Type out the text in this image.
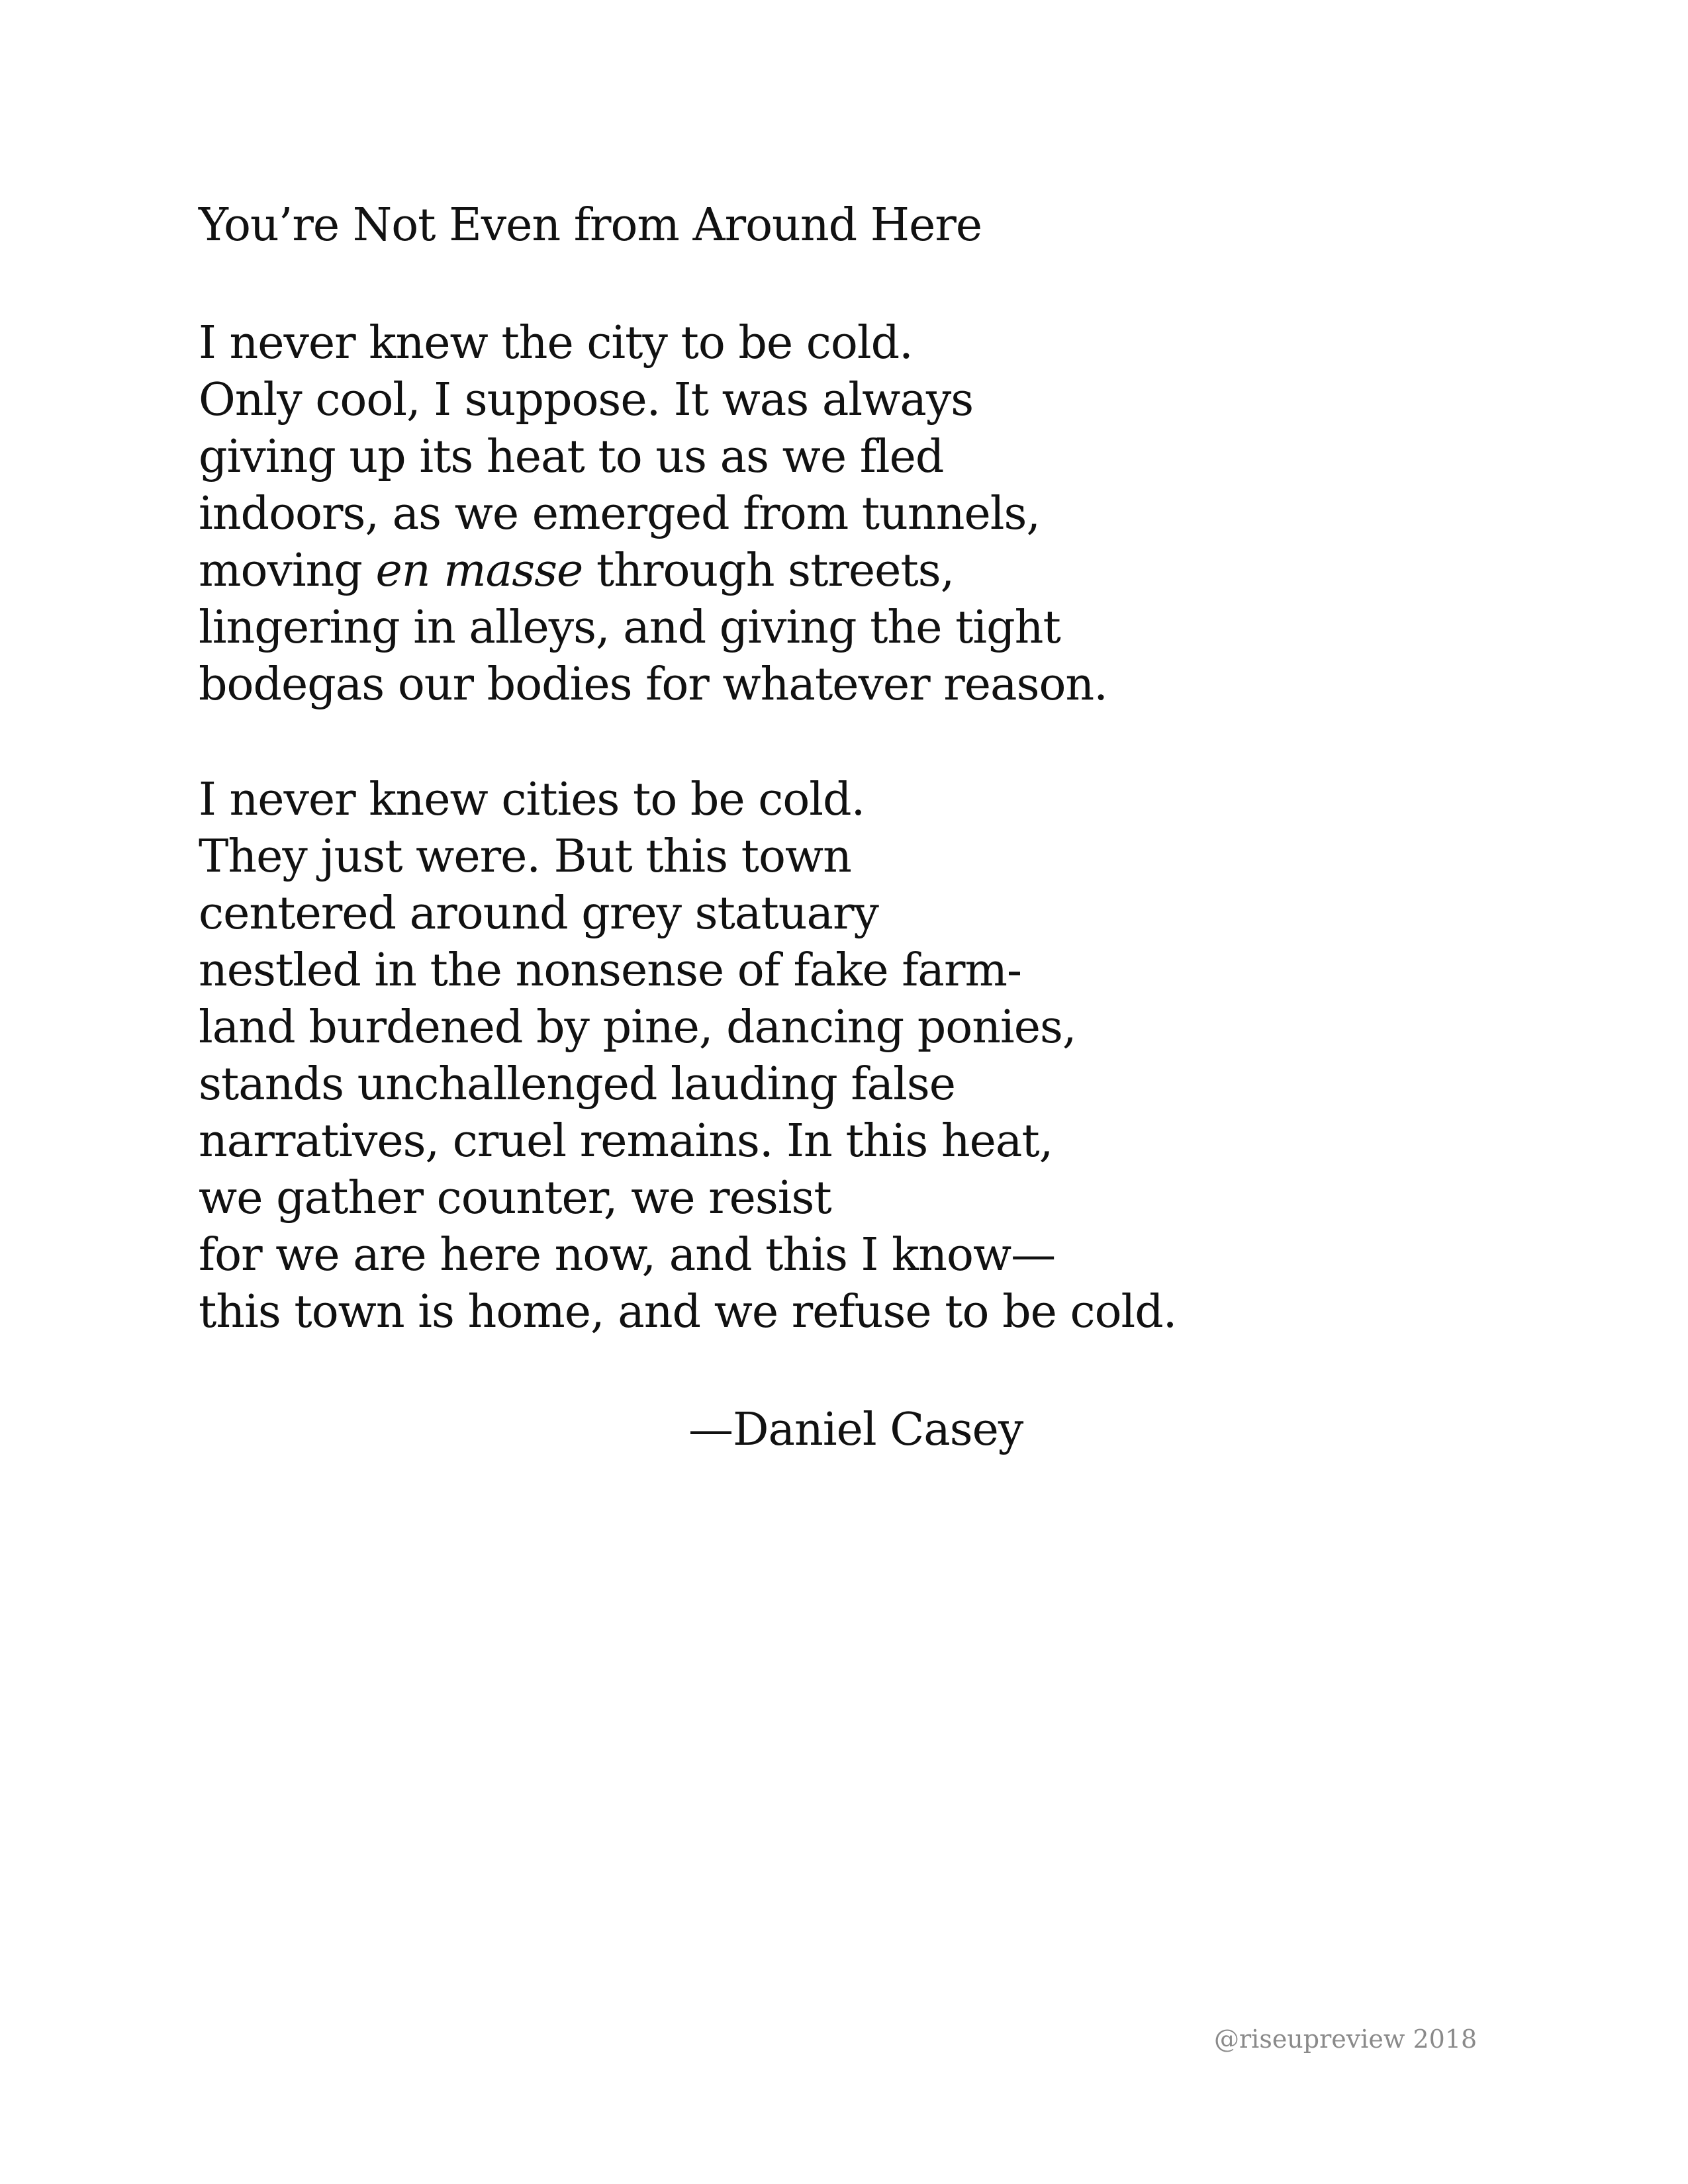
You’re Not Even from Around Here
I never knew the city to be cold.
Only cool, I suppose. It was always
giving up its heat to us as we fled
indoors, as we emerged from tunnels,
moving en masse through streets,
lingering in alleys, and giving the tight
bodegas our bodies for whatever reason.
I never knew cities to be cold.
They just were. But this town
centered around grey statuary
nestled in the nonsense of fake farm-
land burdened by pine, dancing ponies,
stands unchallenged lauding false
narratives, cruel remains. In this heat,
we gather counter, we resist
for we are here now, and this I know—
this town is home, and we refuse to be cold.
—Daniel Casey
@riseupreview 2018
